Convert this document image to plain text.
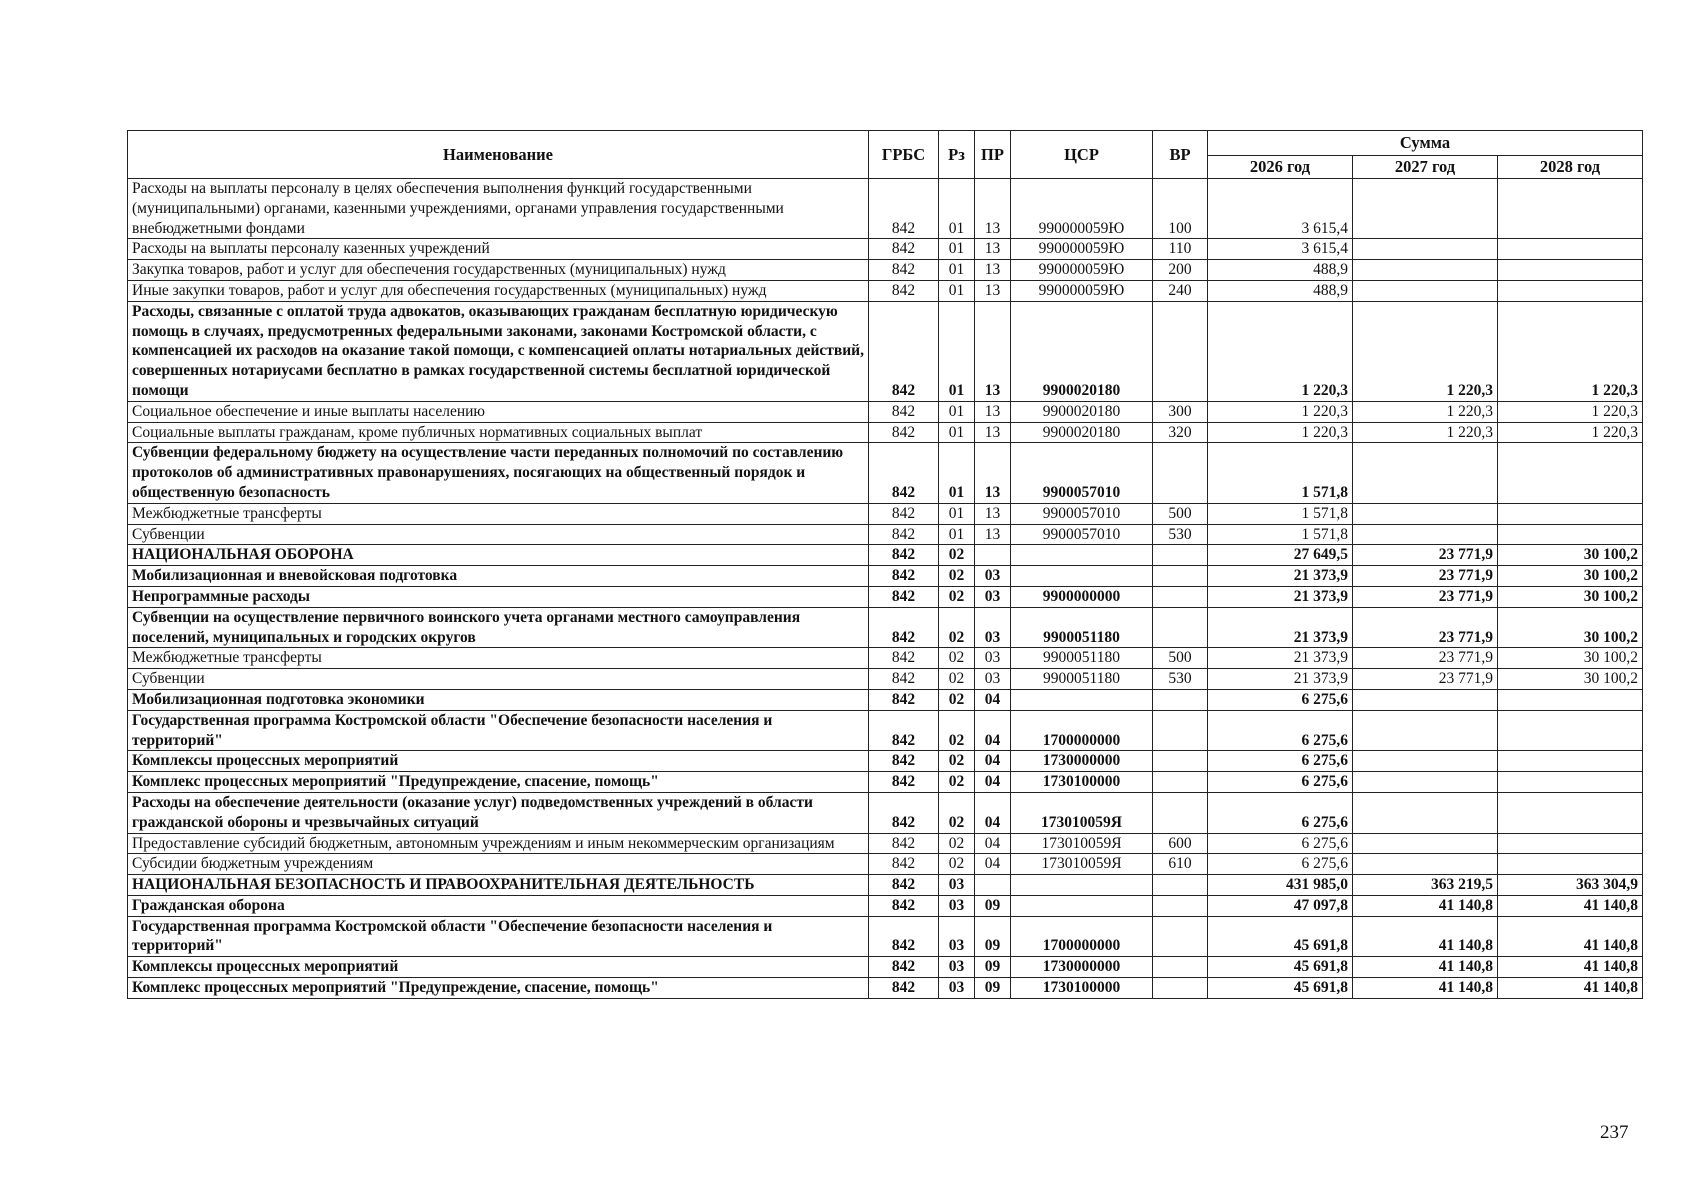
Наименование	ГРБС	Рз	ПР	ЦСР	ВР	Сумма		
						2026 год	2027 год	2028 год
Расходы на выплаты персоналу в целях обеспечения выполнения функций государственными (муниципальными) органами, казенными учреждениями, органами управления государственными внебюджетными фондами	842	01	13	990000059Ю	100	3 615,4		
Расходы на выплаты персоналу казенных учреждений	842	01	13	990000059Ю	110	3 615,4		
Закупка товаров, работ и услуг для обеспечения государственных (муниципальных) нужд	842	01	13	990000059Ю	200	488,9		
Иные закупки товаров, работ и услуг для обеспечения государственных (муниципальных) нужд	842	01	13	990000059Ю	240	488,9		
Расходы, связанные с оплатой труда адвокатов, оказывающих гражданам бесплатную юридическую помощь в случаях, предусмотренных федеральными законами, законами Костромской области, с компенсацией их расходов на оказание такой помощи, с компенсацией оплаты нотариальных действий, совершенных нотариусами бесплатно в рамках государственной системы бесплатной юридической помощи	842	01	13	9900020180		1 220,3	1 220,3	1 220,3
Социальное обеспечение и иные выплаты населению	842	01	13	9900020180	300	1 220,3	1 220,3	1 220,3
Социальные выплаты гражданам, кроме публичных нормативных социальных выплат	842	01	13	9900020180	320	1 220,3	1 220,3	1 220,3
Субвенции федеральному бюджету на осуществление части переданных полномочий по составлению протоколов об административных правонарушениях, посягающих на общественный порядок и общественную безопасность	842	01	13	9900057010		1 571,8		
Межбюджетные трансферты	842	01	13	9900057010	500	1 571,8		
Субвенции	842	01	13	9900057010	530	1 571,8		
НАЦИОНАЛЬНАЯ ОБОРОНА	842	02				27 649,5	23 771,9	30 100,2
Мобилизационная и вневойсковая подготовка	842	02	03			21 373,9	23 771,9	30 100,2
Непрограммные расходы	842	02	03	9900000000		21 373,9	23 771,9	30 100,2
Субвенции на осуществление первичного воинского учета органами местного самоуправления поселений, муниципальных и городских округов	842	02	03	9900051180		21 373,9	23 771,9	30 100,2
Межбюджетные трансферты	842	02	03	9900051180	500	21 373,9	23 771,9	30 100,2
Субвенции	842	02	03	9900051180	530	21 373,9	23 771,9	30 100,2
Мобилизационная подготовка экономики	842	02	04			6 275,6		
Государственная программа Костромской области "Обеспечение безопасности населения и территорий"	842	02	04	1700000000		6 275,6		
Комплексы процессных мероприятий	842	02	04	1730000000		6 275,6		
Комплекс процессных мероприятий "Предупреждение, спасение, помощь"	842	02	04	1730100000		6 275,6		
Расходы на обеспечение деятельности (оказание услуг) подведомственных учреждений в области гражданской обороны и чрезвычайных ситуаций	842	02	04	173010059Я		6 275,6		
Предоставление субсидий бюджетным, автономным учреждениям и иным некоммерческим организациям	842	02	04	173010059Я	600	6 275,6		
Субсидии бюджетным учреждениям	842	02	04	173010059Я	610	6 275,6		
НАЦИОНАЛЬНАЯ БЕЗОПАСНОСТЬ И ПРАВООХРАНИТЕЛЬНАЯ ДЕЯТЕЛЬНОСТЬ	842	03				431 985,0	363 219,5	363 304,9
Гражданская оборона	842	03	09			47 097,8	41 140,8	41 140,8
Государственная программа Костромской области "Обеспечение безопасности населения и территорий"	842	03	09	1700000000		45 691,8	41 140,8	41 140,8
Комплексы процессных мероприятий	842	03	09	1730000000		45 691,8	41 140,8	41 140,8
Комплекс процессных мероприятий "Предупреждение, спасение, помощь"	842	03	09	1730100000		45 691,8	41 140,8	41 140,8
237
